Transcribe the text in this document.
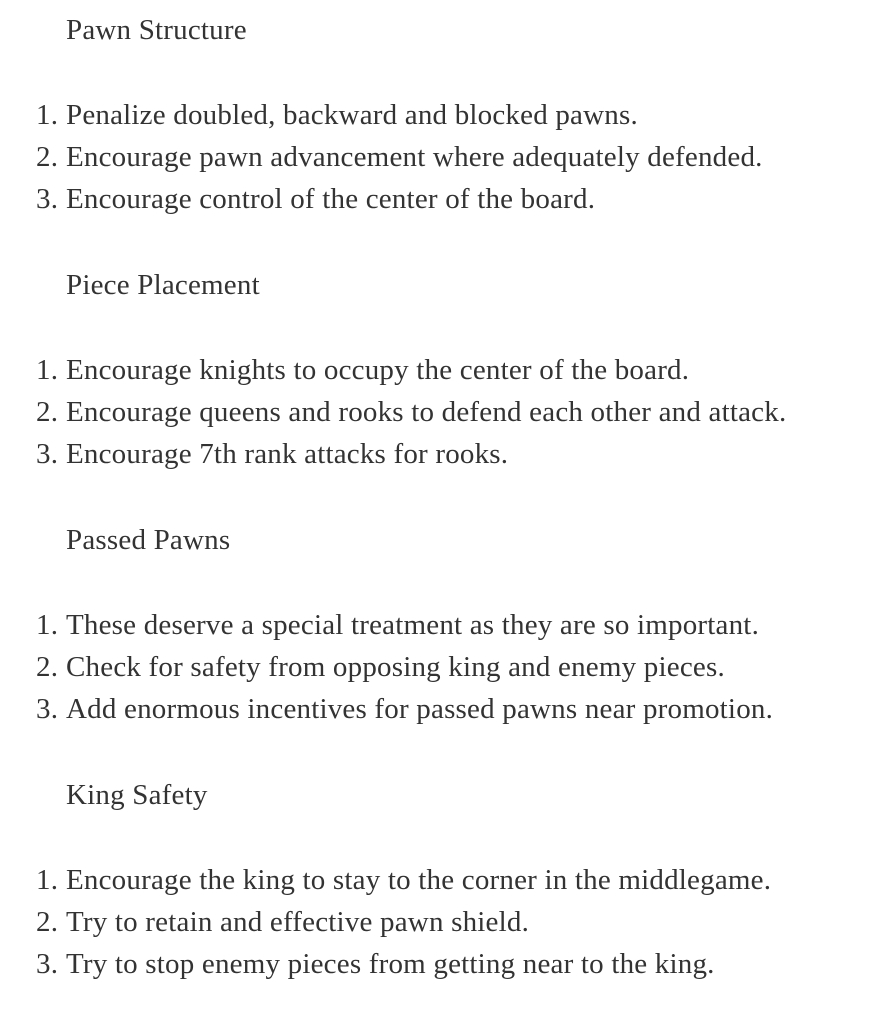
Pawn Structure
1. Penalize doubled, backward and blocked pawns.
2. Encourage pawn advancement where adequately defended.
3. Encourage control of the center of the board.
Piece Placement
1. Encourage knights to occupy the center of the board.
2. Encourage queens and rooks to defend each other and attack.
3. Encourage 7th rank attacks for rooks.
Passed Pawns
1. These deserve a special treatment as they are so important.
2. Check for safety from opposing king and enemy pieces.
3. Add enormous incentives for passed pawns near promotion.
King Safety
1. Encourage the king to stay to the corner in the middlegame.
2. Try to retain and effective pawn shield.
3. Try to stop enemy pieces from getting near to the king.
